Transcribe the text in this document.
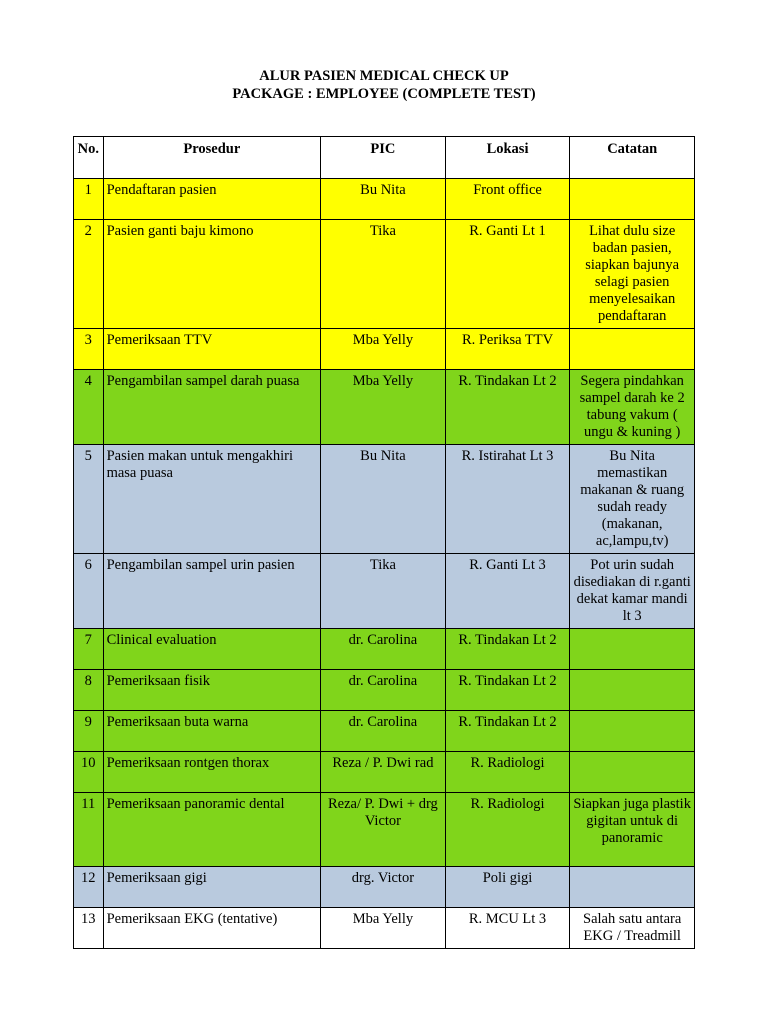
ALUR PASIEN MEDICAL CHECK UP
PACKAGE : EMPLOYEE (COMPLETE TEST)
No.	Prosedur	PIC	Lokasi	Catatan
1	Pendaftaran pasien	Bu Nita	Front office	
2	Pasien ganti baju kimono	Tika	R. Ganti Lt 1	Lihat dulu size badan pasien, siapkan bajunya selagi pasien menyelesaikan pendaftaran
3	Pemeriksaan TTV	Mba Yelly	R. Periksa TTV	
4	Pengambilan sampel darah puasa	Mba Yelly	R. Tindakan Lt 2	Segera pindahkan sampel darah ke 2 tabung vakum ( ungu & kuning )
5	Pasien makan untuk mengakhiri masa puasa	Bu Nita	R. Istirahat Lt 3	Bu Nita memastikan makanan & ruang sudah ready (makanan, ac,lampu,tv)
6	Pengambilan sampel urin pasien	Tika	R. Ganti Lt 3	Pot urin sudah disediakan di r.ganti dekat kamar mandi lt 3
7	Clinical evaluation	dr. Carolina	R. Tindakan Lt 2	
8	Pemeriksaan fisik	dr. Carolina	R. Tindakan Lt 2	
9	Pemeriksaan buta warna	dr. Carolina	R. Tindakan Lt 2	
10	Pemeriksaan rontgen thorax	Reza / P. Dwi rad	R. Radiologi	
11	Pemeriksaan panoramic dental	Reza/ P. Dwi + drg Victor	R. Radiologi	Siapkan juga plastik gigitan untuk di panoramic
12	Pemeriksaan gigi	drg. Victor	Poli gigi	
13	Pemeriksaan EKG (tentative)	Mba Yelly	R. MCU Lt 3	Salah satu antara EKG / Treadmill
